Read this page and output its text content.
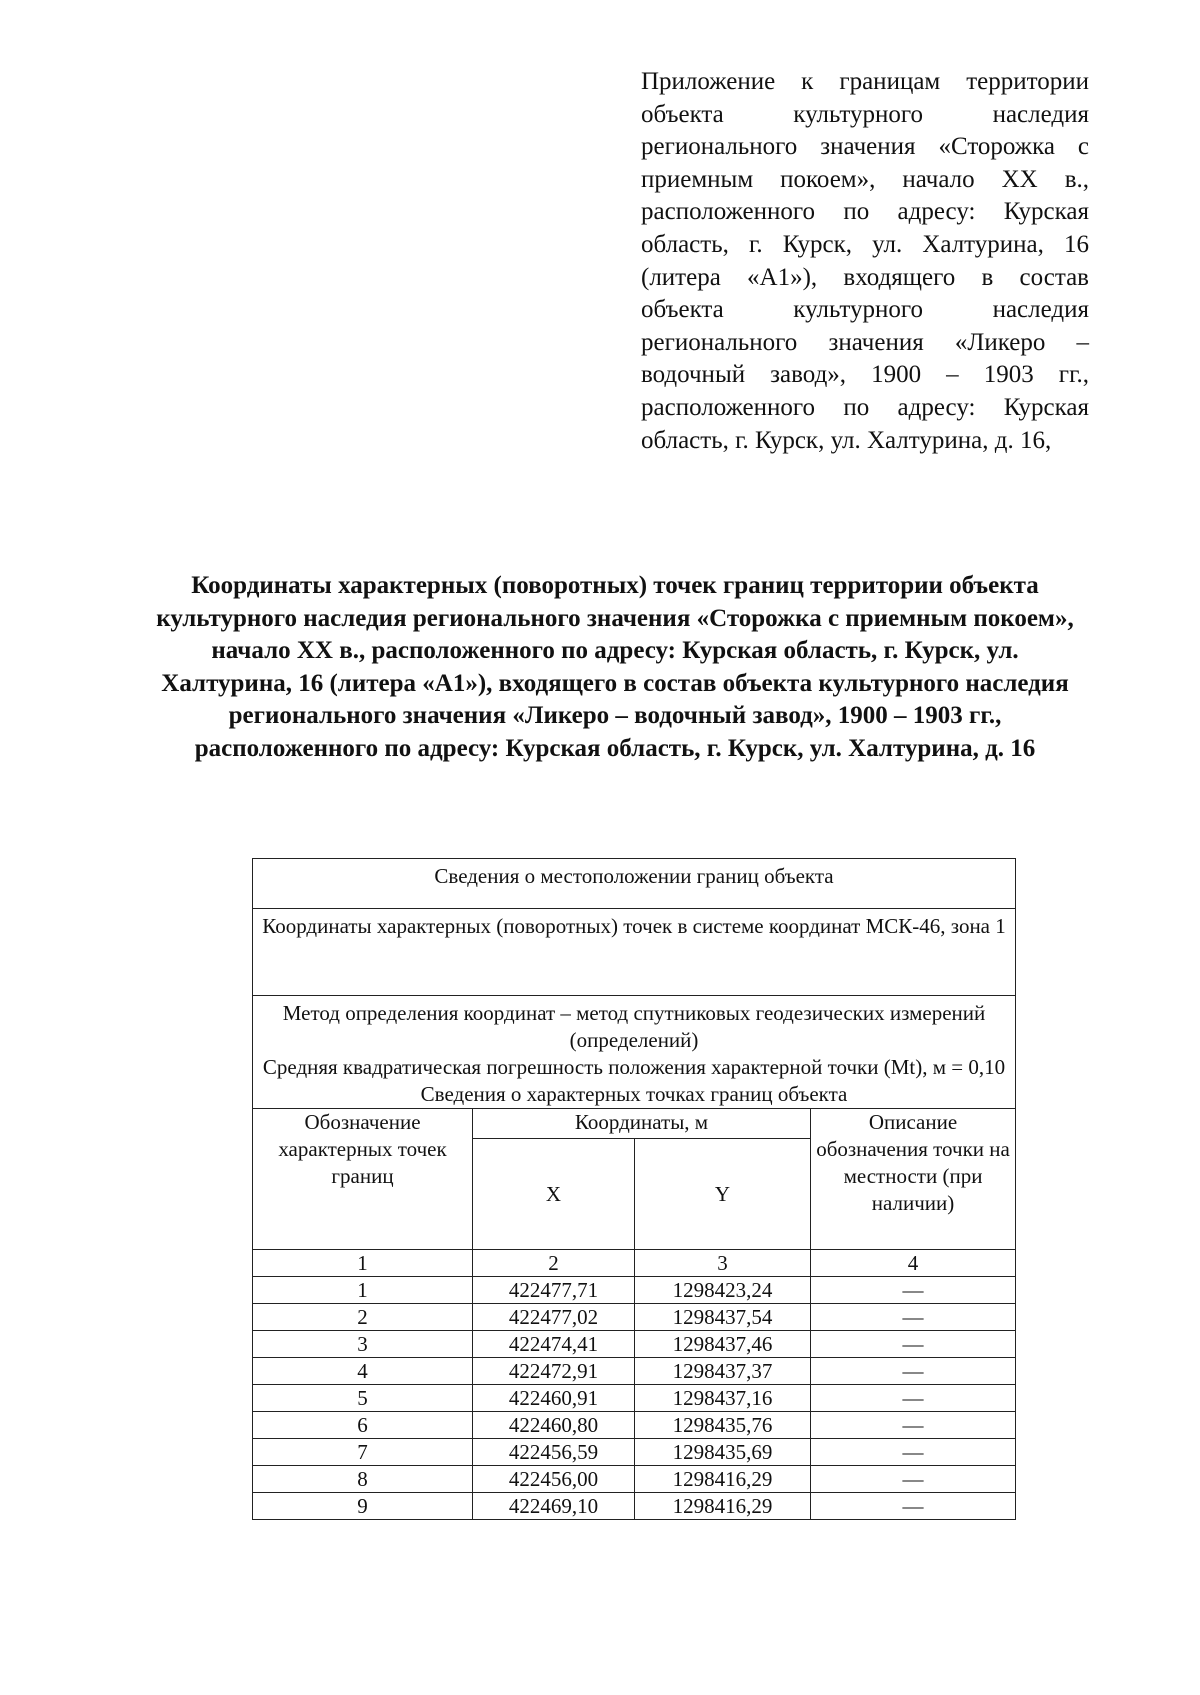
Приложение к границам территории объекта культурного наследия регионального значения «Сторожка с приемным покоем», начало XX в., расположенного по адресу: Курская область, г. Курск, ул. Халтурина, 16 (литера «А1»), входящего в состав объекта культурного наследия регионального значения «Ликеро – водочный завод», 1900 – 1903 гг., расположенного по адресу: Курская область, г. Курск, ул. Халтурина, д. 16,

Координаты характерных (поворотных) точек границ территории объекта культурного наследия регионального значения «Сторожка с приемным покоем», начало XX в., расположенного по адресу: Курская область, г. Курск, ул. Халтурина, 16 (литера «А1»), входящего в состав объекта культурного наследия регионального значения «Ликеро – водочный завод», 1900 – 1903 гг., расположенного по адресу: Курская область, г. Курск, ул. Халтурина, д. 16

Сведения о местоположении границ объекта			
Координаты характерных (поворотных) точек в системе координат МСК-46, зона 1			

Метод определения координат – метод спутниковых геодезических измерений (определений)
Средняя квадратическая погрешность положения характерной точки (Mt), м = 0,10
Сведения о характерных точках границ объекта			

Обозначение характерных точек границ	Координаты, м		Описание обозначения точки на местности (при наличии)
	X	Y	
1	2	3	4
1	422477,71	1298423,24	—
2	422477,02	1298437,54	—
3	422474,41	1298437,46	—
4	422472,91	1298437,37	—
5	422460,91	1298437,16	—
6	422460,80	1298435,76	—
7	422456,59	1298435,69	—
8	422456,00	1298416,29	—
9	422469,10	1298416,29	—
